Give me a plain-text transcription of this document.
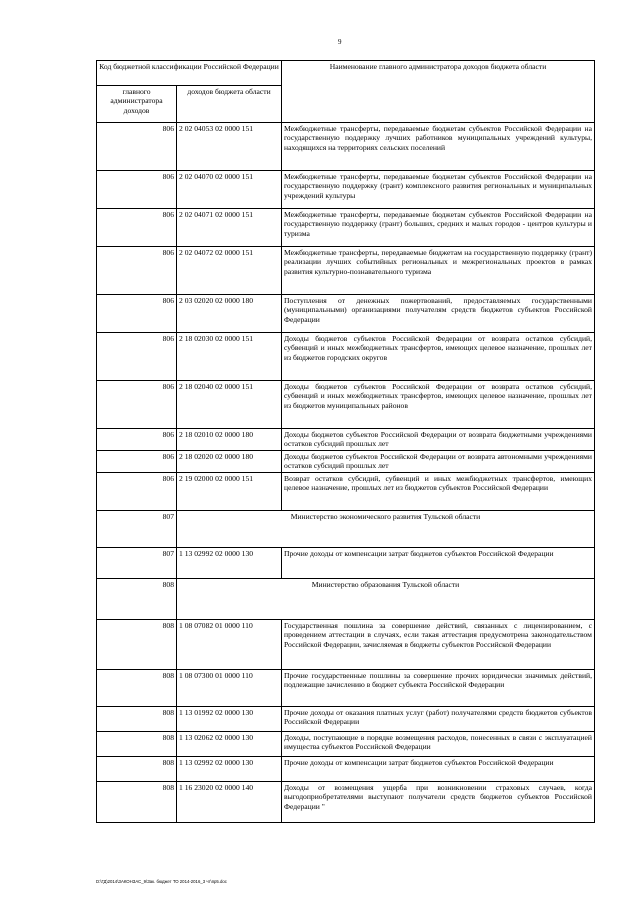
9
Код бюджетной классификации Российской Федерации		Наименование главного администратора доходов бюджета области
главного администратора доходов	доходов бюджета области	
806	2 02 04053 02 0000 151	Межбюджетные трансферты, передаваемые бюджетам субъектов Российской Федерации на государственную поддержку лучших работников муниципальных учреждений культуры, находящихся на территориях сельских поселений
806	2 02 04070 02 0000 151	Межбюджетные трансферты, передаваемые бюджетам субъектов Российской Федерации на государственную поддержку (грант) комплексного развития региональных и муниципальных учреждений культуры
806	2 02 04071 02 0000 151	Межбюджетные трансферты, передаваемые бюджетам субъектов Российской Федерации на государственную поддержку (грант) больших, средних и малых городов - центров культуры и туризма
806	2 02 04072 02 0000 151	Межбюджетные трансферты, передаваемые бюджетам на государственную поддержку (грант) реализации лучших событийных региональных и межрегиональных проектов в рамках развития культурно-познавательного туризма
806	2 03 02020 02 0000 180	Поступления от денежных пожертвований, предоставляемых государственными (муниципальными) организациями получателям средств бюджетов субъектов Российской Федерации
806	2 18 02030 02 0000 151	Доходы бюджетов субъектов Российской Федерации от возврата остатков субсидий, субвенций и иных межбюджетных трансфертов, имеющих целевое назначение, прошлых лет из бюджетов городских округов
806	2 18 02040 02 0000 151	Доходы бюджетов субъектов Российской Федерации от возврата остатков субсидий, субвенций и иных межбюджетных трансфертов, имеющих целевое назначение, прошлых лет из бюджетов муниципальных районов
806	2 18 02010 02 0000 180	Доходы бюджетов субъектов Российской Федерации от возврата бюджетными учреждениями остатков субсидий прошлых лет
806	2 18 02020 02 0000 180	Доходы бюджетов субъектов Российской Федерации от возврата автономными учреждениями остатков субсидий прошлых лет
806	2 19 02000 02 0000 151	Возврат остатков субсидий, субвенций и иных межбюджетных трансфертов, имеющих целевое назначение, прошлых лет из бюджетов субъектов Российской Федерации
807	Министерство экономического развития Тульской области	
807	1 13 02992 02 0000 130	Прочие доходы от компенсации затрат бюджетов субъектов Российской Федерации
808	Министерство образования Тульской области	
808	1 08 07082 01 0000 110	Государственная пошлина за совершение действий, связанных с лицензированием, с проведением аттестации в случаях, если такая аттестация предусмотрена законодательством Российской Федерации, зачисляемая в бюджеты субъектов Российской Федерации
808	1 08 07300 01 0000 110	Прочие государственные пошлины за совершение прочих юридически значимых действий, подлежащие зачислению в бюджет субъекта Российской Федерации
808	1 13 01992 02 0000 130	Прочие доходы от оказания платных услуг (работ) получателями средств бюджетов субъектов Российской Федерации
808	1 13 02062 02 0000 130	Доходы, поступающие в порядке возмещения расходов, понесенных в связи с эксплуатацией имущества субъектов Российской Федерации
808	1 13 02992 02 0000 130	Прочие доходы от компенсации затрат бюджетов субъектов Российской Федерации
808	1 16 23020 02 0000 140	Доходы от возмещения ущерба при возникновении страховых случаев, когда выгодоприобретателями выступают получатели средств бюджетов субъектов Российской Федерации "
D:\ГД\2014\ЗАКОНЗАС_9\Зак. бюджет ТО 2014-2016_3 чт\пр5.doc
